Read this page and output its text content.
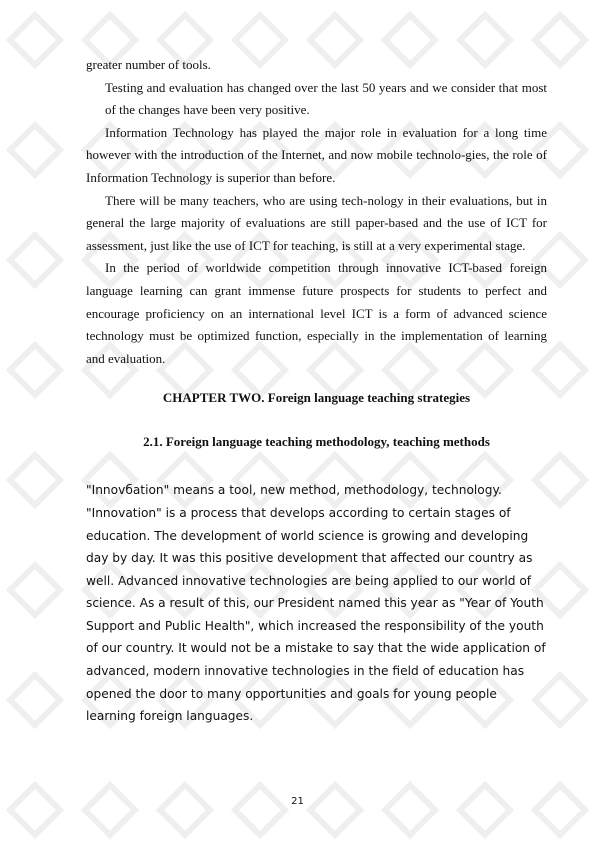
greater number of tools.

Testing and evaluation has changed over the last 50 years and we consider that most of the changes have been very positive.

Information Technology has played the major role in evaluation for a long time however with the introduction of the Internet, and now mobile technolo-gies, the role of Information Technology is superior than before.

There will be many teachers, who are using tech-nology in their evaluations, but in general the large majority of evaluations are still paper-based and the use of ICT for assessment, just like the use of ICT for teaching, is still at a very experimental stage.

In the period of worldwide competition through innovative ICT-based foreign language learning can grant immense future prospects for students to perfect and encourage proficiency on an international level ICT is a form of advanced science technology must be optimized function, especially in the implementation of learning and evaluation.

CHAPTER TWO. Foreign language teaching strategies
2.1. Foreign language teaching methodology, teaching methods

"Innovбation" means a tool, new method, methodology, technology. "Innovation" is a process that develops according to certain stages of education. The development of world science is growing and developing day by day. It was this positive development that affected our country as well. Advanced innovative technologies are being applied to our world of science. As a result of this, our President named this year as "Year of Youth Support and Public Health", which increased the responsibility of the youth of our country. It would not be a mistake to say that the wide application of advanced, modern innovative technologies in the field of education has opened the door to many opportunities and goals for young people learning foreign languages.

21
